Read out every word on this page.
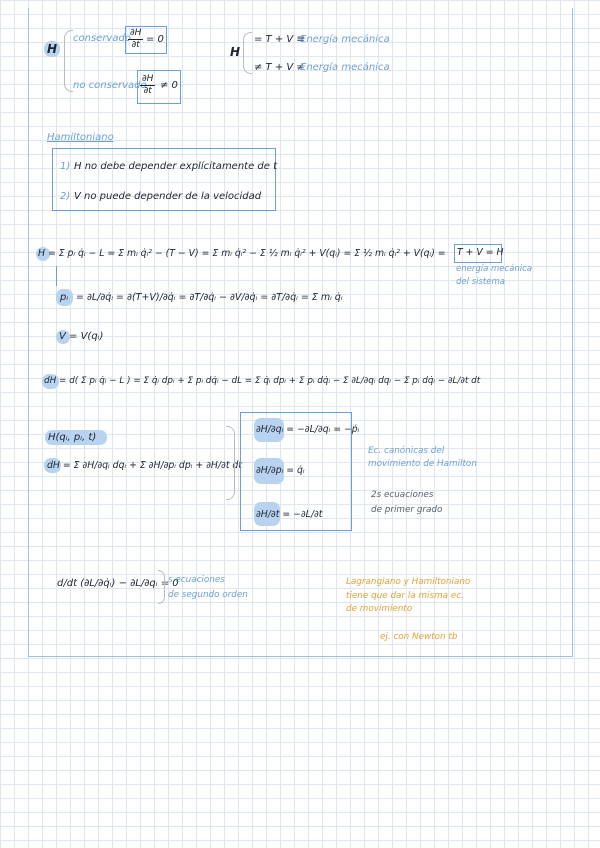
H
conservado
$\frac{\partial H}{\partial t} = 0$
no conservado
$\frac{\partial H}{\partial t} \ne 0$
H
= T + V ≡
Energía mecánica
≠ T + V ≠
Energía mecánica
Hamiltoniano
1) H no debe depender explícitamente de t
2) V no puede depender de la velocidad
H = Σ pᵢ q̇ᵢ − L = Σ mᵢ q̇ᵢ² − (T − V) = Σ mᵢ q̇ᵢ² − Σ ½ mᵢ q̇ᵢ² + V(qᵢ) = Σ ½ mᵢ q̇ᵢ² + V(qᵢ) = T + V = H
energía mecánica
del sistema
pᵢ = ∂L/∂q̇ᵢ = ∂(T+V)/∂q̇ᵢ = ∂T/∂q̇ᵢ − ∂V/∂q̇ᵢ = ∂T/∂q̇ᵢ = Σ mᵢ q̇ᵢ
V = V(qᵢ)
dH = d( Σ pᵢ q̇ᵢ − L ) = Σ q̇ᵢ dpᵢ + Σ pᵢ dq̇ᵢ − dL = Σ q̇ᵢ dpᵢ + Σ pᵢ dq̇ᵢ − Σ ∂L/∂qᵢ dqᵢ − Σ pᵢ dq̇ᵢ − ∂L/∂t dt
H(qᵢ, pᵢ, t)
dH = Σ ∂H/∂qᵢ dqᵢ + Σ ∂H/∂pᵢ dpᵢ + ∂H/∂t dt
∂H/∂qᵢ = −∂L/∂qᵢ = −ṗᵢ
∂H/∂pᵢ = q̇ᵢ
∂H/∂t = −∂L/∂t
Ec. canónicas del
movimiento de Hamilton
2s ecuaciones
de primer grado
d/dt (∂L/∂q̇ᵢ) − ∂L/∂qᵢ = 0
s ecuaciones
de segundo orden
Lagrangiano y Hamiltoniano
tiene que dar la misma ec.
de movimiento
ej. con Newton tb
